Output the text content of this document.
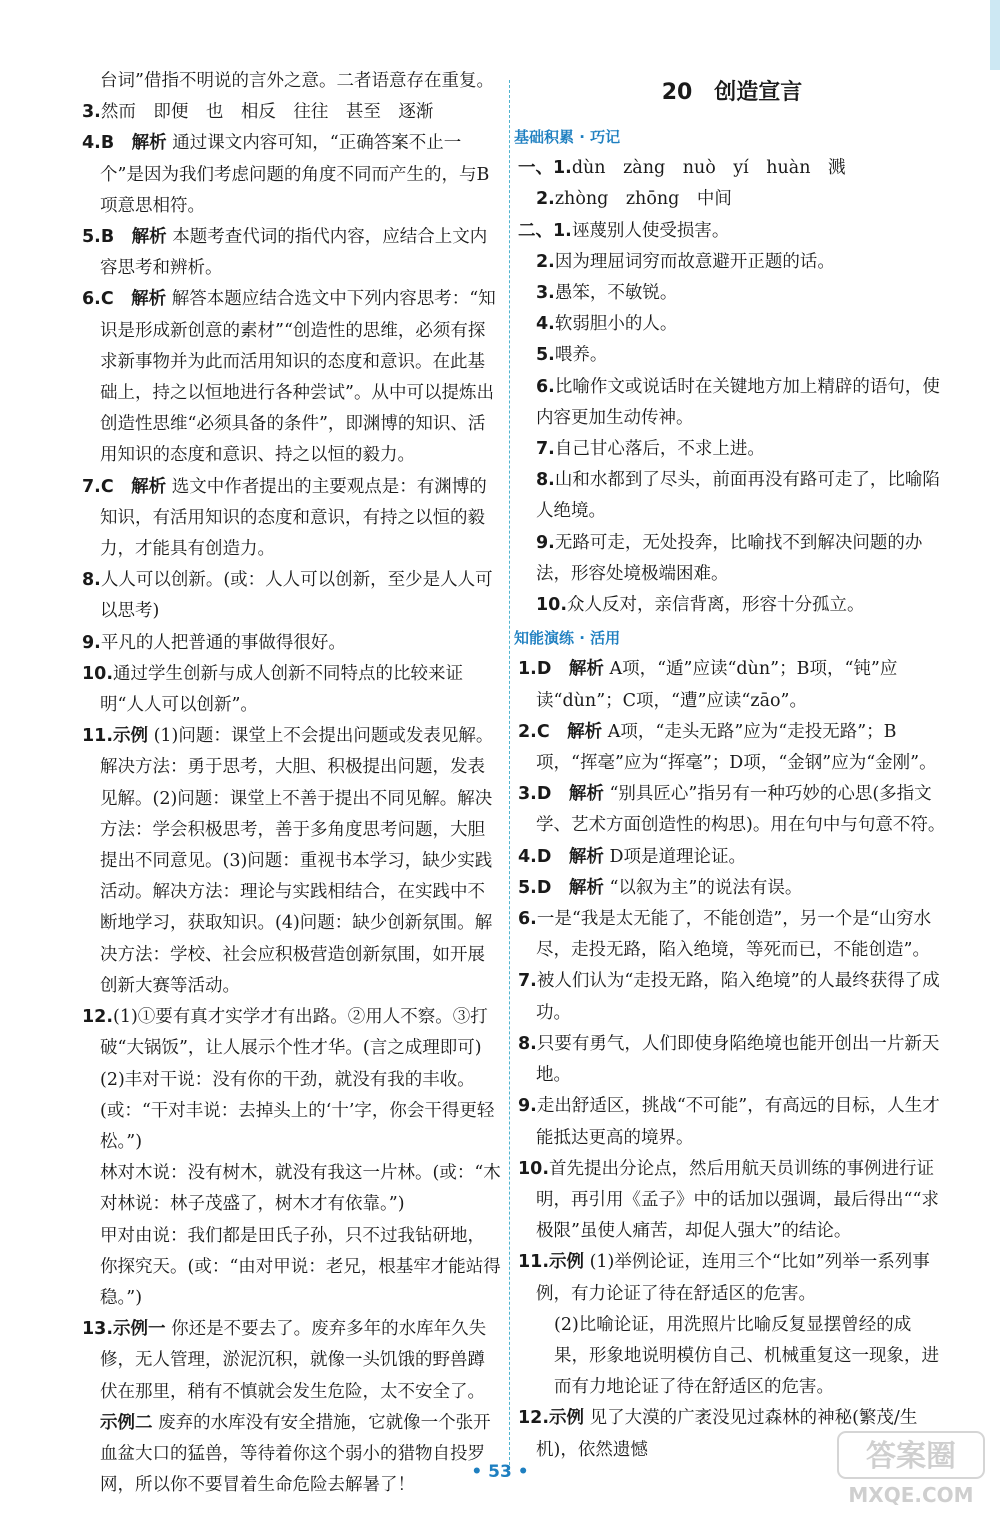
台词”借指不明说的言外之意。二者语意存在重复。
3.然而　即便　也　相反　往往　甚至　逐渐
4.B　解析 通过课文内容可知，“正确答案不止一个”是因为我们考虑问题的角度不同而产生的，与B项意思相符。
5.B　解析 本题考查代词的指代内容，应结合上文内容思考和辨析。
6.C　解析 解答本题应结合选文中下列内容思考：“知识是形成新创意的素材”“创造性的思维，必须有探求新事物并为此而活用知识的态度和意识。在此基础上，持之以恒地进行各种尝试”。从中可以提炼出创造性思维“必须具备的条件”，即渊博的知识、活用知识的态度和意识、持之以恒的毅力。
7.C　解析 选文中作者提出的主要观点是：有渊博的知识，有活用知识的态度和意识，有持之以恒的毅力，才能具有创造力。
8.人人可以创新。(或：人人可以创新，至少是人人可以思考)
9.平凡的人把普通的事做得很好。
10.通过学生创新与成人创新不同特点的比较来证明“人人可以创新”。
11.示例 (1)问题：课堂上不会提出问题或发表见解。解决方法：勇于思考，大胆、积极提出问题，发表见解。(2)问题：课堂上不善于提出不同见解。解决方法：学会积极思考，善于多角度思考问题，大胆提出不同意见。(3)问题：重视书本学习，缺少实践活动。解决方法：理论与实践相结合，在实践中不断地学习，获取知识。(4)问题：缺少创新氛围。解决方法：学校、社会应积极营造创新氛围，如开展创新大赛等活动。
12.(1)①要有真才实学才有出路。②用人不察。③打破“大锅饭”，让人展示个性才华。(言之成理即可)
(2)丰对干说：没有你的干劲，就没有我的丰收。(或：“干对丰说：去掉头上的‘十’字，你会干得更轻松。”)
林对木说：没有树木，就没有我这一片林。(或：“木对林说：林子茂盛了，树木才有依靠。”)
甲对由说：我们都是田氏子孙，只不过我钻研地，你探究天。(或：“由对甲说：老兄，根基牢才能站得稳。”)
13.示例一 你还是不要去了。废弃多年的水库年久失修，无人管理，淤泥沉积，就像一头饥饿的野兽蹲伏在那里，稍有不慎就会发生危险，太不安全了。
示例二 废弃的水库没有安全措施，它就像一个张开血盆大口的猛兽，等待着你这个弱小的猎物自投罗网，所以你不要冒着生命危险去解暑了！
20　创造宣言
基础积累 · 巧记
一、1.dùn　zàng　nuò　yí　huàn　溅
2.zhòng　zhōng　中间
二、1.诬蔑别人使受损害。
2.因为理屈词穷而故意避开正题的话。
3.愚笨，不敏锐。
4.软弱胆小的人。
5.喂养。
6.比喻作文或说话时在关键地方加上精辟的语句，使内容更加生动传神。
7.自己甘心落后，不求上进。
8.山和水都到了尽头，前面再没有路可走了，比喻陷人绝境。
9.无路可走，无处投奔，比喻找不到解决问题的办法，形容处境极端困难。
10.众人反对，亲信背离，形容十分孤立。
知能演练 · 活用
1.D　解析 A项，“遁”应读“dùn”；B项，“钝”应读“dùn”；C项，“遭”应读“zāo”。
2.C　解析 A项，“走头无路”应为“走投无路”；B项，“挥毫”应为“挥毫”；D项，“金钢”应为“金刚”。
3.D　解析 “别具匠心”指另有一种巧妙的心思(多指文学、艺术方面创造性的构思)。用在句中与句意不符。
4.D　解析 D项是道理论证。
5.D　解析 “以叙为主”的说法有误。
6.一是“我是太无能了，不能创造”，另一个是“山穷水尽，走投无路，陷入绝境，等死而已，不能创造”。
7.被人们认为“走投无路，陷入绝境”的人最终获得了成功。
8.只要有勇气，人们即使身陷绝境也能开创出一片新天地。
9.走出舒适区，挑战“不可能”，有高远的目标，人生才能抵达更高的境界。
10.首先提出分论点，然后用航天员训练的事例进行证明，再引用《孟子》中的话加以强调，最后得出““求极限”虽使人痛苦，却促人强大”的结论。
11.示例 (1)举例论证，连用三个“比如”列举一系列事例，有力论证了待在舒适区的危害。
(2)比喻论证，用洗照片比喻反复显摆曾经的成果，形象地说明模仿自己、机械重复这一现象，进而有力地论证了待在舒适区的危害。
12.示例 见了大漠的广袤没见过森林的神秘(繁茂/生机)，依然遗憾
• 53 •	答案圈
MXQE.COM
